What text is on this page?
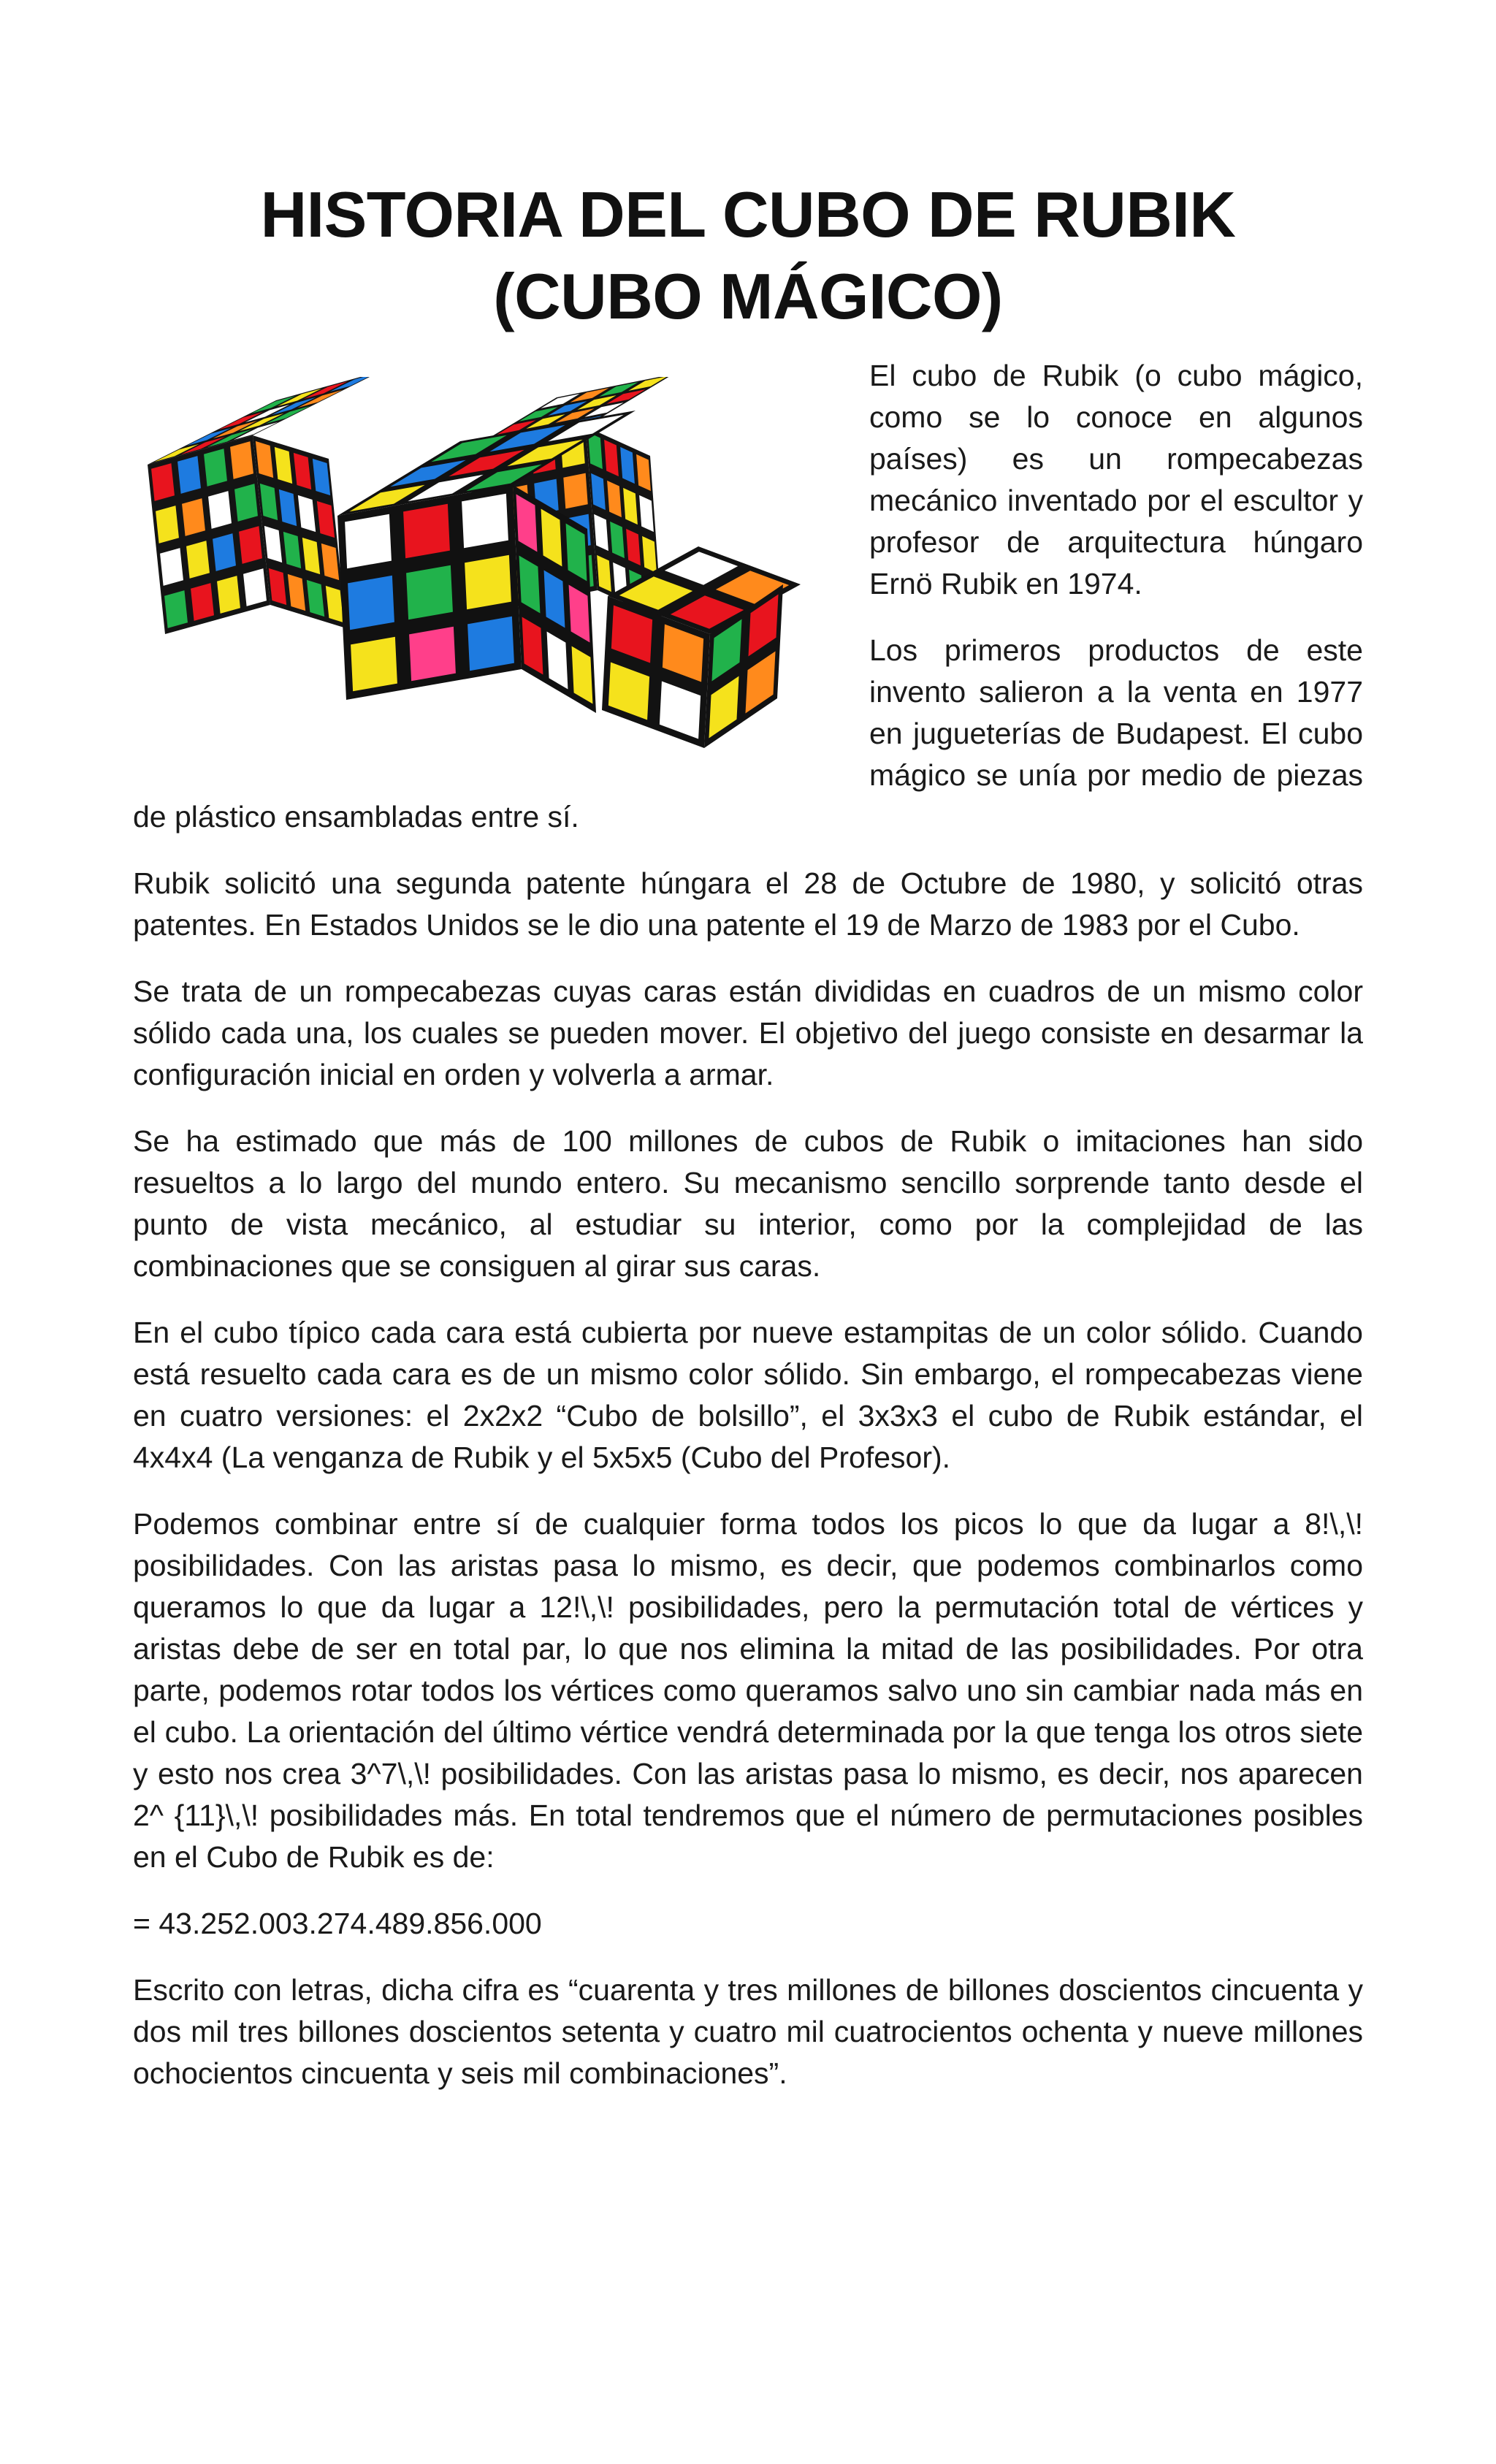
HISTORIA DEL CUBO DE RUBIK
(CUBO MÁGICO)

El cubo de Rubik (o cubo mágico, como se lo conoce en algunos países) es un rompecabezas mecánico inventado por el escultor y profesor de arquitectura húngaro Ernö Rubik en 1974.

Los primeros productos de este invento salieron a la venta en 1977 en jugueterías de Budapest. El cubo mágico se unía por medio de piezas de plástico ensambladas entre sí.

Rubik solicitó una segunda patente húngara el 28 de Octubre de 1980, y solicitó otras patentes. En Estados Unidos se le dio una patente el 19 de Marzo de 1983 por el Cubo.

Se trata de un rompecabezas cuyas caras están divididas en cuadros de un mismo color sólido cada una, los cuales se pueden mover. El objetivo del juego consiste en desarmar la configuración inicial en orden y volverla a armar.

Se ha estimado que más de 100 millones de cubos de Rubik o imitaciones han sido resueltos a lo largo del mundo entero. Su mecanismo sencillo sorprende tanto desde el punto de vista mecánico, al estudiar su interior, como por la complejidad de las combinaciones que se consiguen al girar sus caras.

En el cubo típico cada cara está cubierta por nueve estampitas de un color sólido. Cuando está resuelto cada cara es de un mismo color sólido. Sin embargo, el rompecabezas viene en cuatro versiones: el 2x2x2 “Cubo de bolsillo”, el 3x3x3 el cubo de Rubik estándar, el 4x4x4 (La venganza de Rubik y el 5x5x5 (Cubo del Profesor).

Podemos combinar entre sí de cualquier forma todos los picos lo que da lugar a 8!\,\! posibilidades. Con las aristas pasa lo mismo, es decir, que podemos combinarlos como queramos lo que da lugar a 12!\,\! posibilidades, pero la permutación total de vértices y aristas debe de ser en total par, lo que nos elimina la mitad de las posibilidades. Por otra parte, podemos rotar todos los vértices como queramos salvo uno sin cambiar nada más en el cubo. La orientación del último vértice vendrá determinada por la que tenga los otros siete y esto nos crea 3^7\,\! posibilidades. Con las aristas pasa lo mismo, es decir, nos aparecen 2^ {11}\,\! posibilidades más. En total tendremos que el número de permutaciones posibles en el Cubo de Rubik es de:

= 43.252.003.274.489.856.000

Escrito con letras, dicha cifra es “cuarenta y tres millones de billones doscientos cincuenta y dos mil tres billones doscientos setenta y cuatro mil cuatrocientos ochenta y nueve millones ochocientos cincuenta y seis mil combinaciones”.
